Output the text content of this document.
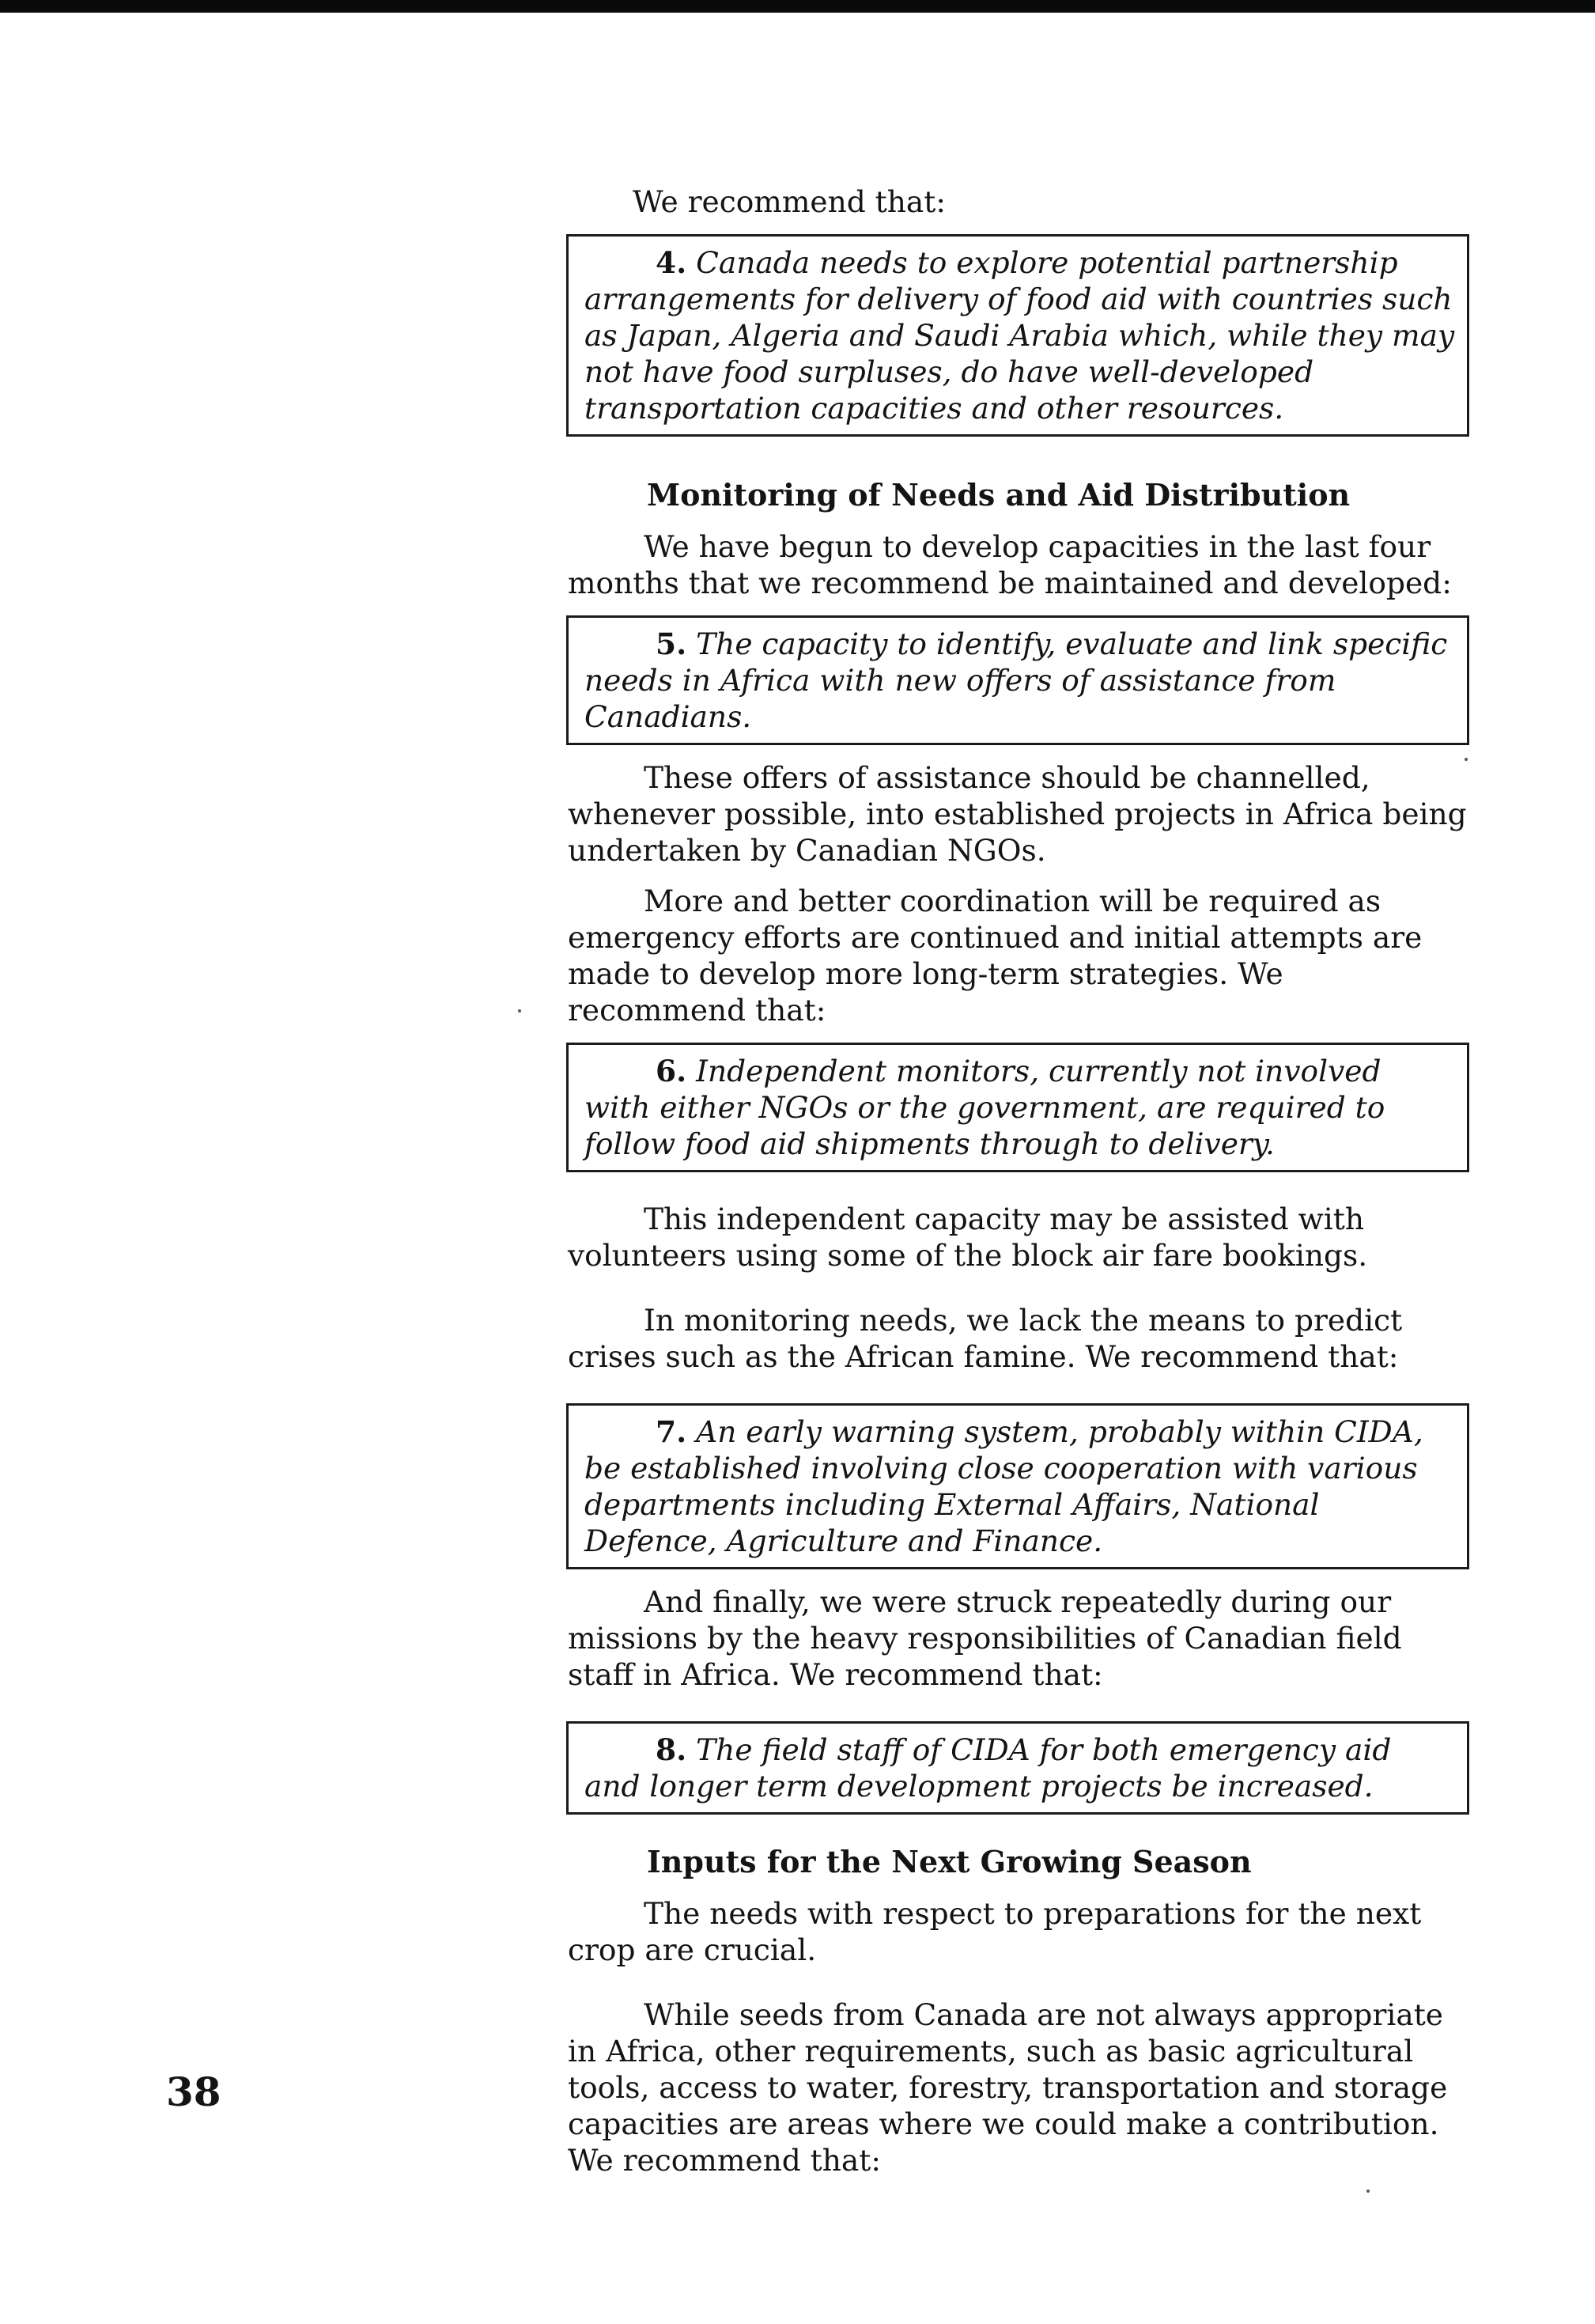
We recommend that:

4. Canada needs to explore potential partnership arrangements for delivery of food aid with countries such as Japan, Algeria and Saudi Arabia which, while they may not have food surpluses, do have well-developed transportation capacities and other resources.

Monitoring of Needs and Aid Distribution

We have begun to develop capacities in the last four months that we recommend be maintained and developed:

5. The capacity to identify, evaluate and link specific needs in Africa with new offers of assistance from Canadians.

These offers of assistance should be channelled, whenever possible, into established projects in Africa being undertaken by Canadian NGOs.

More and better coordination will be required as emergency efforts are continued and initial attempts are made to develop more long-term strategies. We recommend that:

6. Independent monitors, currently not involved with either NGOs or the government, are required to follow food aid shipments through to delivery.

This independent capacity may be assisted with volunteers using some of the block air fare bookings.

In monitoring needs, we lack the means to predict crises such as the African famine. We recommend that:

7. An early warning system, probably within CIDA, be established involving close cooperation with various departments including External Affairs, National Defence, Agriculture and Finance.

And finally, we were struck repeatedly during our missions by the heavy responsibilities of Canadian field staff in Africa. We recommend that:

8. The field staff of CIDA for both emergency aid and longer term development projects be increased.

Inputs for the Next Growing Season

The needs with respect to preparations for the next crop are crucial.

While seeds from Canada are not always appropriate in Africa, other requirements, such as basic agricultural tools, access to water, forestry, transportation and storage capacities are areas where we could make a contribution. We recommend that:

38
